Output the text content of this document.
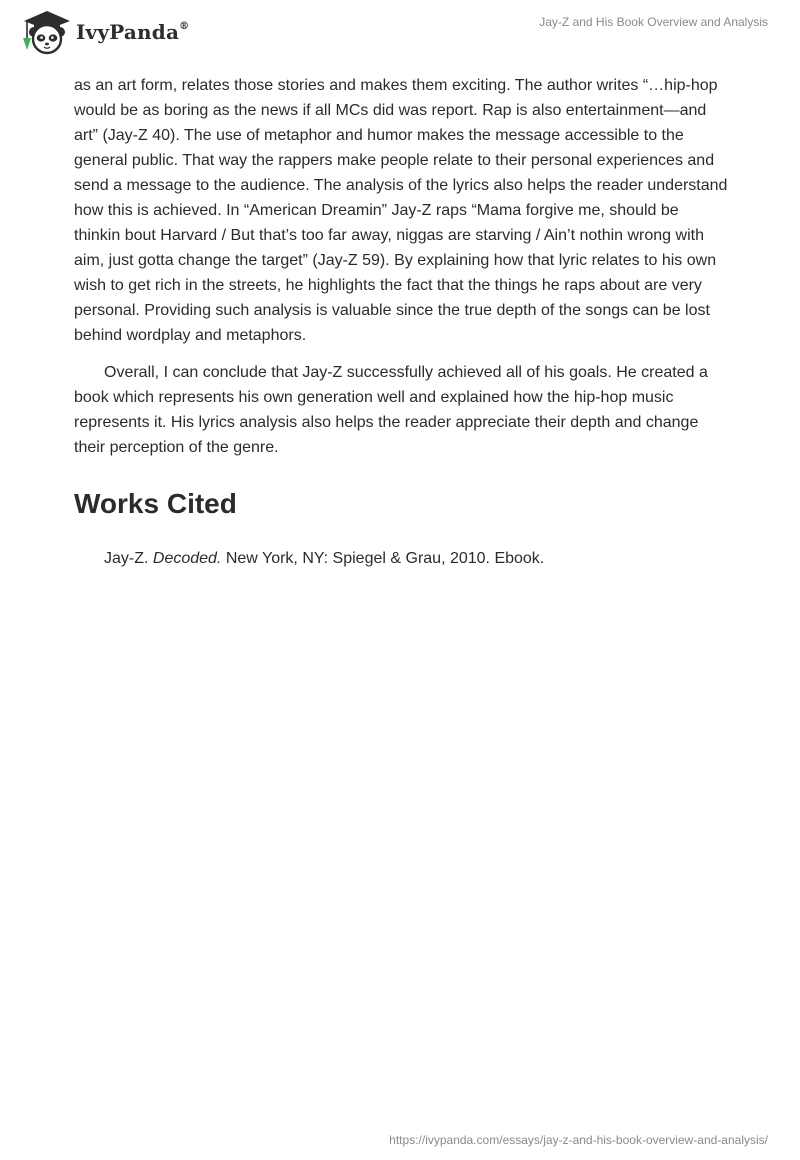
IvyPanda®	Jay-Z and His Book Overview and Analysis

as an art form, relates those stories and makes them exciting. The author writes “…hip-hop would be as boring as the news if all MCs did was report. Rap is also entertainment—and art” (Jay-Z 40). The use of metaphor and humor makes the message accessible to the general public. That way the rappers make people relate to their personal experiences and send a message to the audience. The analysis of the lyrics also helps the reader understand how this is achieved. In “American Dreamin” Jay-Z raps “Mama forgive me, should be thinkin bout Harvard / But that’s too far away, niggas are starving / Ain’t nothin wrong with aim, just gotta change the target” (Jay-Z 59). By explaining how that lyric relates to his own wish to get rich in the streets, he highlights the fact that the things he raps about are very personal. Providing such analysis is valuable since the true depth of the songs can be lost behind wordplay and metaphors.

Overall, I can conclude that Jay-Z successfully achieved all of his goals. He created a book which represents his own generation well and explained how the hip-hop music represents it. His lyrics analysis also helps the reader appreciate their depth and change their perception of the genre.

Works Cited

Jay-Z. Decoded. New York, NY: Spiegel & Grau, 2010. Ebook.

https://ivypanda.com/essays/jay-z-and-his-book-overview-and-analysis/
